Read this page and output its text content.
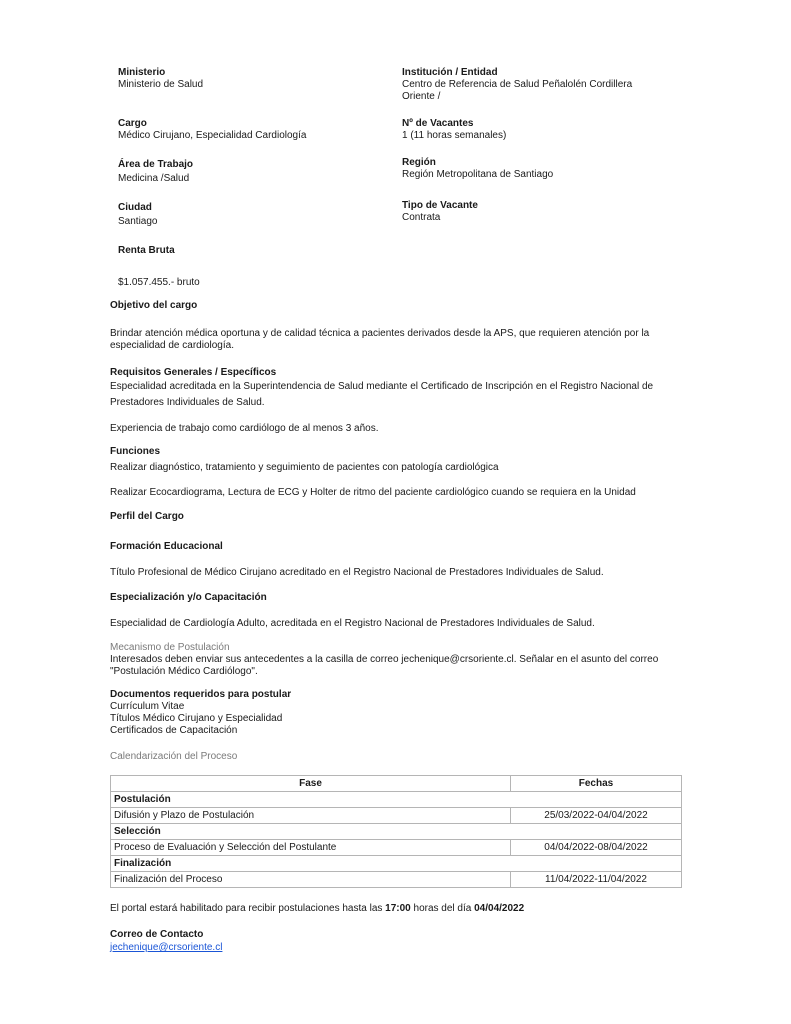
Ministerio
Ministerio de Salud
Institución / Entidad
Centro de Referencia de Salud Peñalolén Cordillera
Oriente /
Cargo
Médico Cirujano, Especialidad Cardiología
Nº de Vacantes
1 (11 horas semanales)
Área de Trabajo
Medicina /Salud
Región
Región Metropolitana de Santiago
Ciudad
Santiago
Tipo de Vacante
Contrata
Renta Bruta
$1.057.455.- bruto
Objetivo del cargo
Brindar atención médica oportuna y de calidad técnica a pacientes derivados desde la APS, que requieren atención por la
especialidad de cardiología.
Requisitos Generales / Específicos
Especialidad acreditada en la Superintendencia de Salud mediante el Certificado de Inscripción en el Registro Nacional de
Prestadores Individuales de Salud.
Experiencia de trabajo como cardiólogo de al menos 3 años.
Funciones
Realizar diagnóstico, tratamiento y seguimiento de pacientes con patología cardiológica
Realizar Ecocardiograma, Lectura de ECG y Holter de ritmo del paciente cardiológico cuando se requiera en la Unidad
Perfil del Cargo
Formación Educacional
Título Profesional de Médico Cirujano acreditado en el Registro Nacional de Prestadores Individuales de Salud.
Especialización y/o Capacitación
Especialidad de Cardiología Adulto, acreditada en el Registro Nacional de Prestadores Individuales de Salud.
Mecanismo de Postulación
Interesados deben enviar sus antecedentes a la casilla de correo jechenique@crsoriente.cl. Señalar en el asunto del correo
"Postulación Médico Cardiólogo".
Documentos requeridos para postular
Currículum Vitae
Títulos Médico Cirujano y Especialidad
Certificados de Capacitación
Calendarización del Proceso
Fase	Fechas
Postulación	
Difusión y Plazo de Postulación	25/03/2022-04/04/2022
Selección	
Proceso de Evaluación y Selección del Postulante	04/04/2022-08/04/2022
Finalización	
Finalización del Proceso	11/04/2022-11/04/2022
El portal estará habilitado para recibir postulaciones hasta las 17:00 horas del día 04/04/2022
Correo de Contacto
jechenique@crsoriente.cl
